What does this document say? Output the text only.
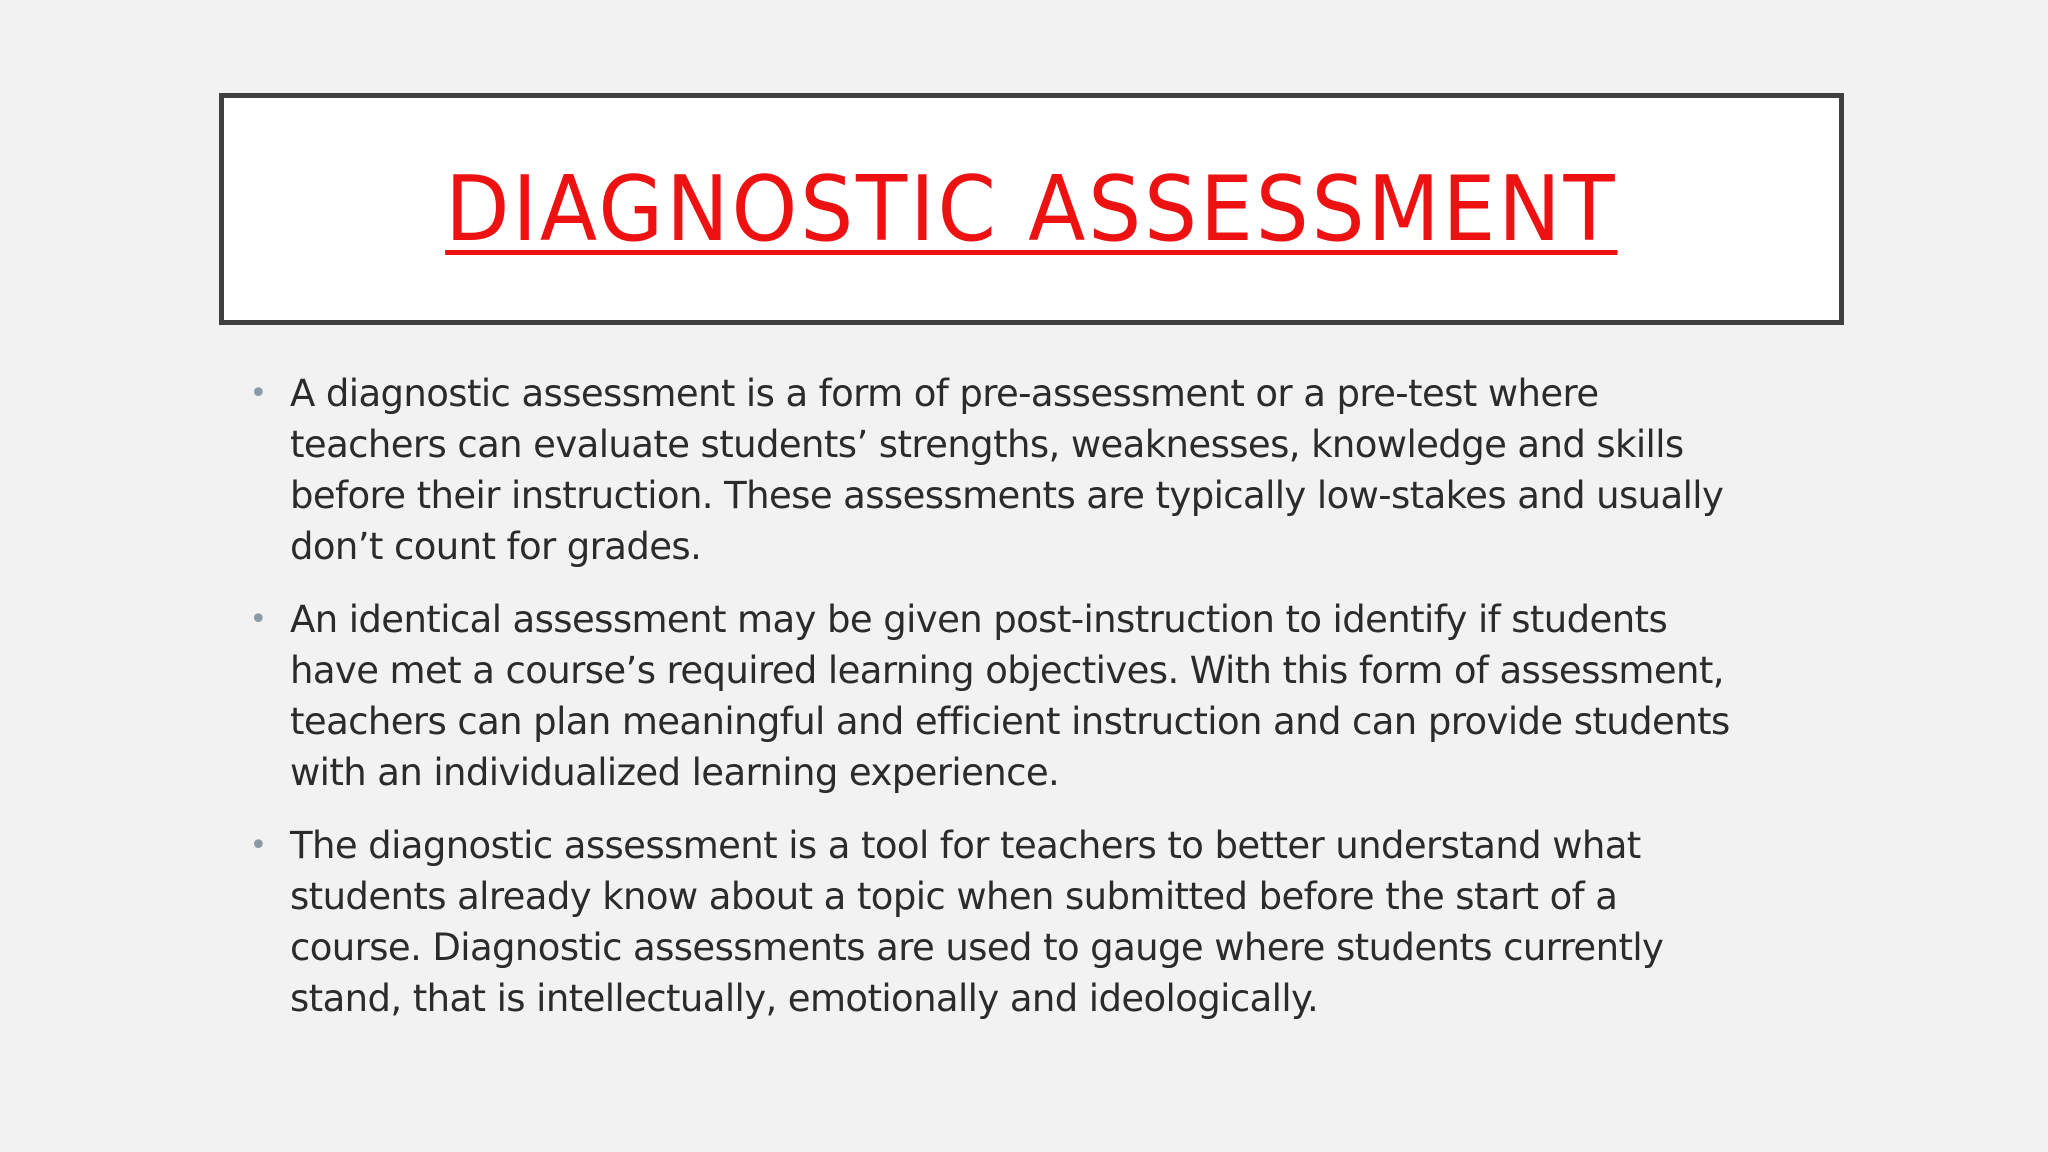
DIAGNOSTIC ASSESSMENT
• A diagnostic assessment is a form of pre-assessment or a pre-test where
teachers can evaluate students’ strengths, weaknesses, knowledge and skills
before their instruction. These assessments are typically low-stakes and usually
don’t count for grades.
• An identical assessment may be given post-instruction to identify if students
have met a course’s required learning objectives. With this form of assessment,
teachers can plan meaningful and efficient instruction and can provide students
with an individualized learning experience.
• The diagnostic assessment is a tool for teachers to better understand what
students already know about a topic when submitted before the start of a
course. Diagnostic assessments are used to gauge where students currently
stand, that is intellectually, emotionally and ideologically.
